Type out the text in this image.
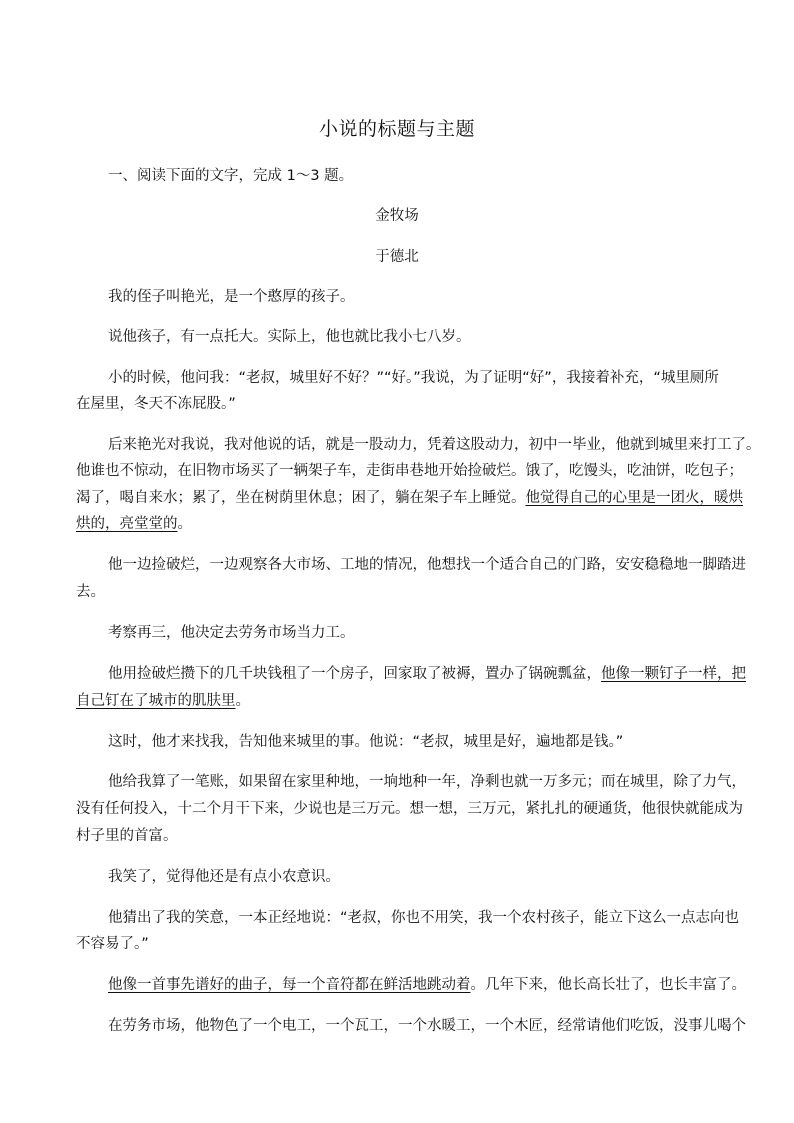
小说的标题与主题
一、阅读下面的文字，完成 1～3 题。
金牧场
于德北
我的侄子叫艳光，是一个憨厚的孩子。
说他孩子，有一点托大。实际上，他也就比我小七八岁。
小的时候，他问我：“老叔，城里好不好？”“好。”我说，为了证明“好”，我接着补充，“城里厕所
在屋里，冬天不冻屁股。”
后来艳光对我说，我对他说的话，就是一股动力，凭着这股动力，初中一毕业，他就到城里来打工了。
他谁也不惊动，在旧物市场买了一辆架子车，走街串巷地开始捡破烂。饿了，吃馒头，吃油饼，吃包子；
渴了，喝自来水；累了，坐在树荫里休息；困了，躺在架子车上睡觉。他觉得自己的心里是一团火，暖烘
烘的，亮堂堂的。
他一边捡破烂，一边观察各大市场、工地的情况，他想找一个适合自己的门路，安安稳稳地一脚踏进
去。
考察再三，他决定去劳务市场当力工。
他用捡破烂攒下的几千块钱租了一个房子，回家取了被褥，置办了锅碗瓢盆，他像一颗钉子一样，把
自己钉在了城市的肌肤里。
这时，他才来找我，告知他来城里的事。他说：“老叔，城里是好，遍地都是钱。”
他给我算了一笔账，如果留在家里种地，一垧地种一年，净剩也就一万多元；而在城里，除了力气，
没有任何投入，十二个月干下来，少说也是三万元。想一想，三万元，紧扎扎的硬通货，他很快就能成为
村子里的首富。
我笑了，觉得他还是有点小农意识。
他猜出了我的笑意，一本正经地说：“老叔，你也不用笑，我一个农村孩子，能立下这么一点志向也
不容易了。”
他像一首事先谱好的曲子，每一个音符都在鲜活地跳动着。几年下来，他长高长壮了，也长丰富了。
在劳务市场，他物色了一个电工，一个瓦工，一个水暖工，一个木匠，经常请他们吃饭，没事儿喝个
